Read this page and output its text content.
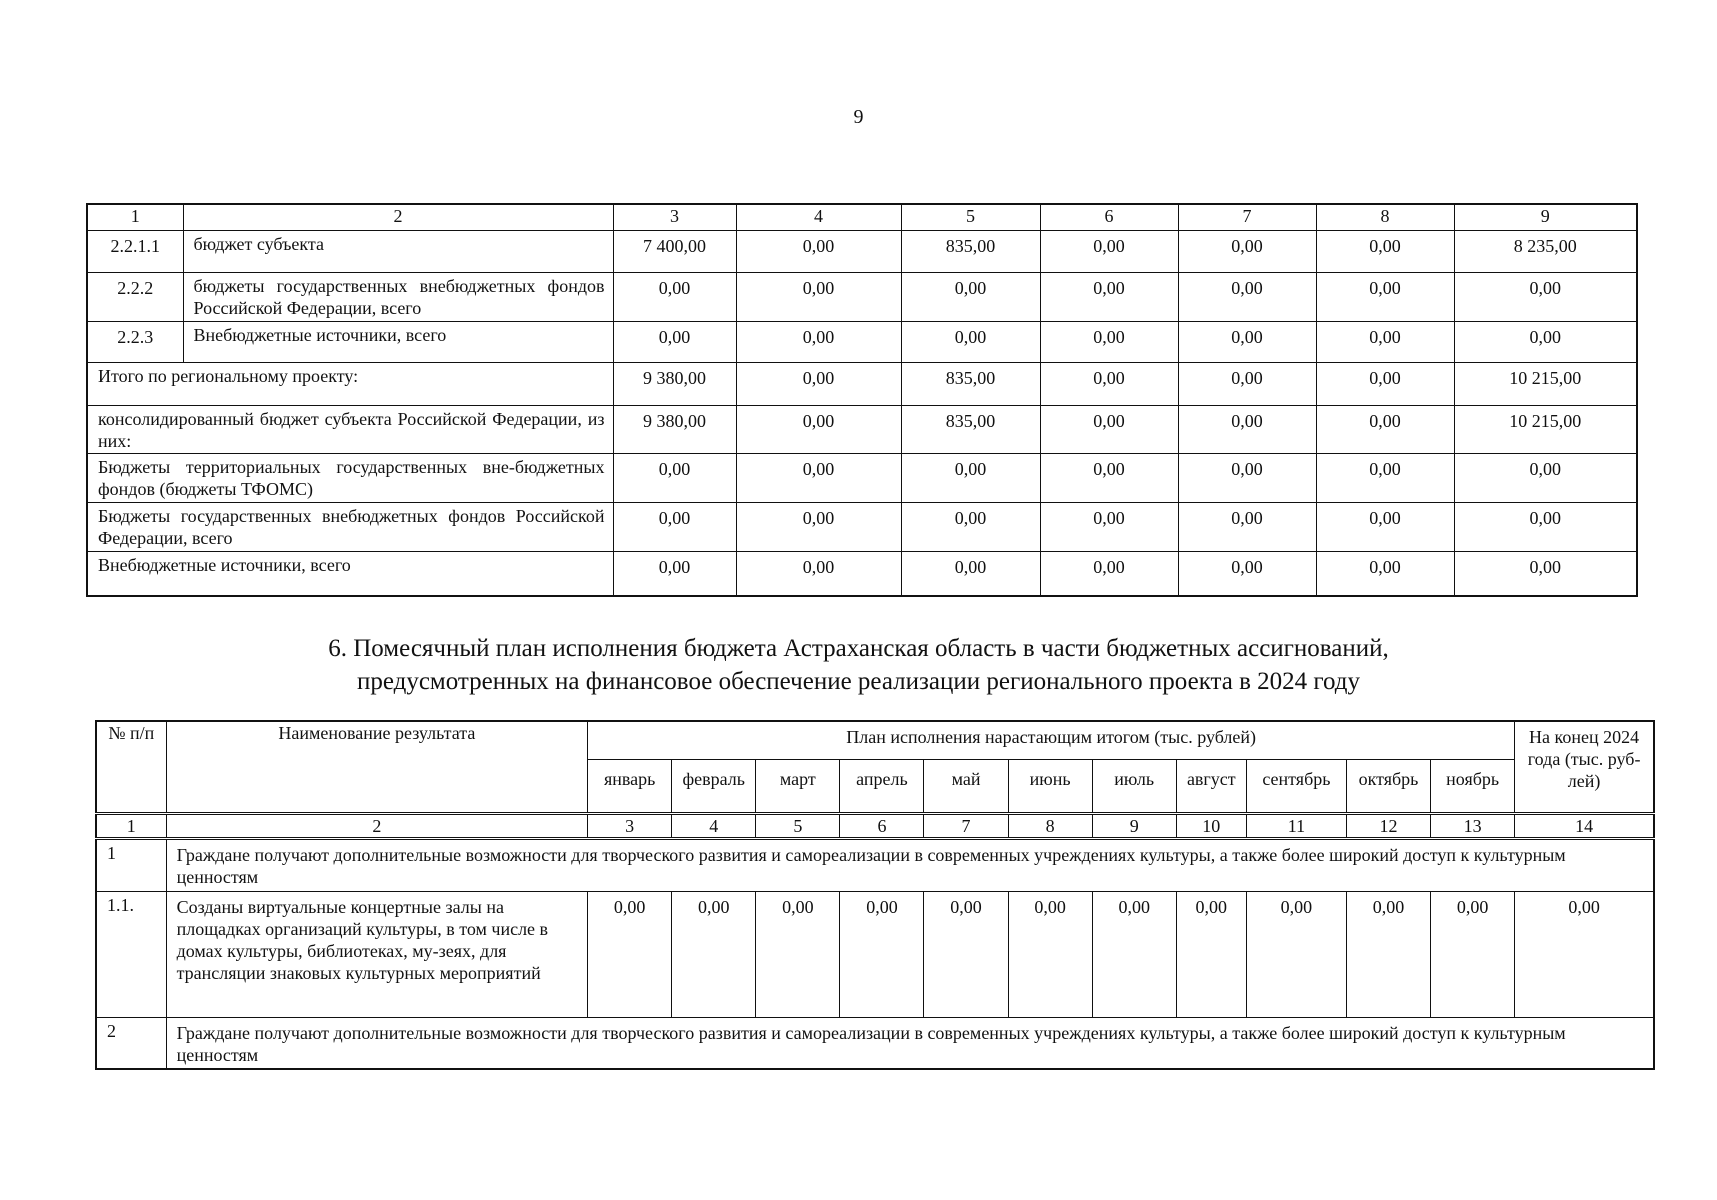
9
1	2	3	4	5	6	7	8	9
2.2.1.1	бюджет субъекта	7 400,00	0,00	835,00	0,00	0,00	0,00	8 235,00
2.2.2	бюджеты государственных внебюджетных фондов Российской Федерации, всего	0,00	0,00	0,00	0,00	0,00	0,00	0,00
2.2.3	Внебюджетные источники, всего	0,00	0,00	0,00	0,00	0,00	0,00	0,00
Итого по региональному проекту:		9 380,00	0,00	835,00	0,00	0,00	0,00	10 215,00
консолидированный бюджет субъекта Российской Федерации, из них:		9 380,00	0,00	835,00	0,00	0,00	0,00	10 215,00
Бюджеты территориальных государственных вне-бюджетных фондов (бюджеты ТФОМС)		0,00	0,00	0,00	0,00	0,00	0,00	0,00
Бюджеты государственных внебюджетных фондов Российской Федерации, всего		0,00	0,00	0,00	0,00	0,00	0,00	0,00
Внебюджетные источники, всего		0,00	0,00	0,00	0,00	0,00	0,00	0,00
6. Помесячный план исполнения бюджета Астраханская область в части бюджетных ассигнований,
предусмотренных на финансовое обеспечение реализации регионального проекта в 2024 году
№ п/п	Наименование результата	План исполнения нарастающим итогом (тыс. рублей)											На конец 2024 года (тыс. руб-лей)
		январь	февраль	март	апрель	май	июнь	июль	август	сентябрь	октябрь	ноябрь	
1	2	3	4	5	6	7	8	9	10	11	12	13	14
1	Граждане получают дополнительные возможности для творческого развития и самореализации в современных учреждениях культуры, а также более широкий доступ к культурным ценностям												
1.1.	Созданы виртуальные концертные залы на площадках организаций культуры, в том числе в домах культуры, библиотеках, му-зеях, для трансляции знаковых культурных мероприятий	0,00	0,00	0,00	0,00	0,00	0,00	0,00	0,00	0,00	0,00	0,00	0,00
2	Граждане получают дополнительные возможности для творческого развития и самореализации в современных учреждениях культуры, а также более широкий доступ к культурным ценностям												
